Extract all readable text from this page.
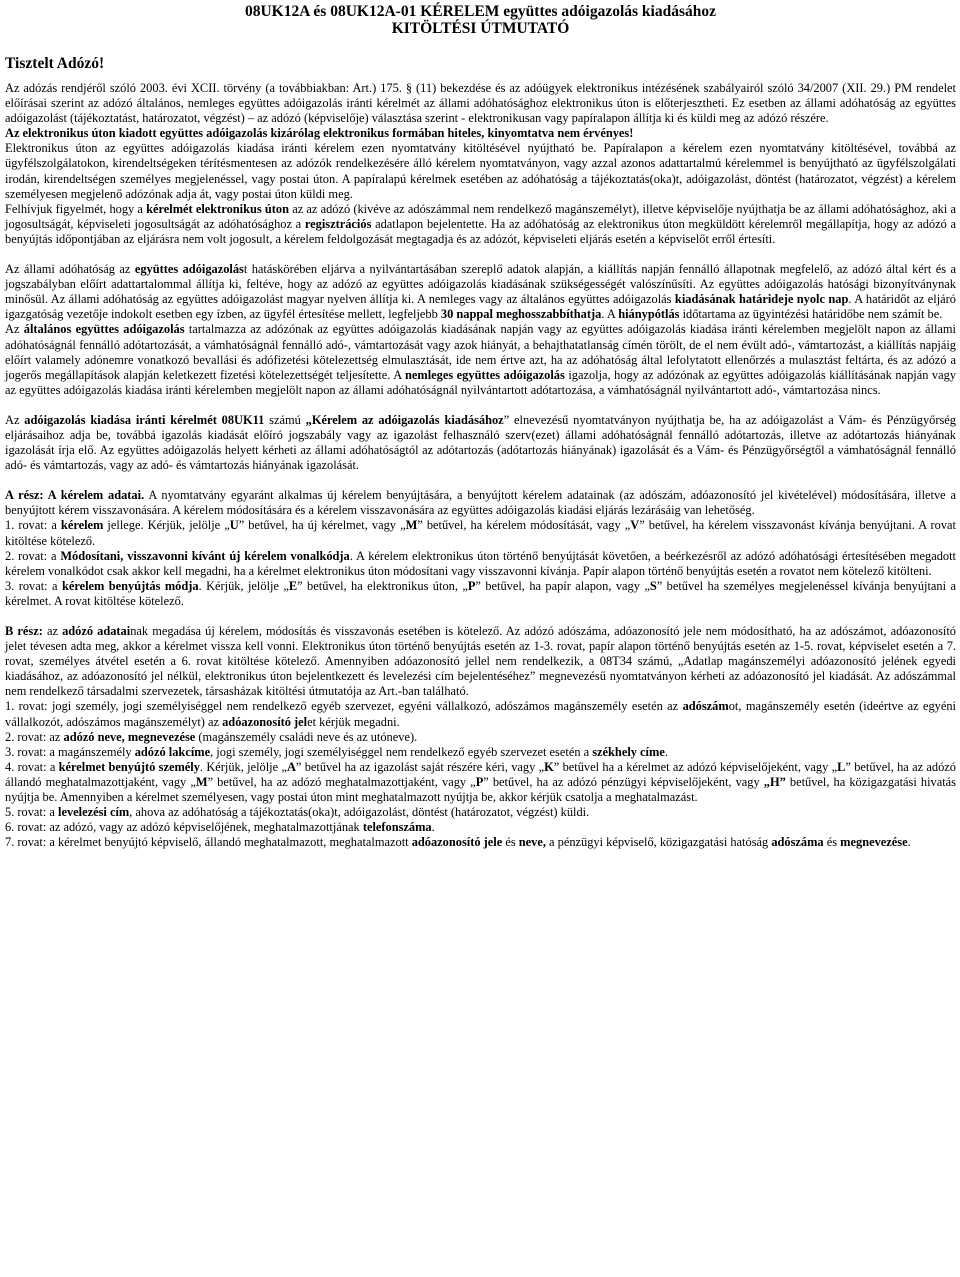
08UK12A és 08UK12A-01 KÉRELEM együttes adóigazolás kiadásához
KITÖLTÉSI ÚTMUTATÓ
Tisztelt Adózó!

Az adózás rendjéről szóló 2003. évi XCII. törvény (a továbbiakban: Art.) 175. § (11) bekezdése és az adóügyek elektronikus intézésének szabályairól szóló 34/2007 (XII. 29.) PM rendelet előírásai szerint az adózó általános, nemleges együttes adóigazolás iránti kérelmét az állami adóhatósághoz elektronikus úton is előterjesztheti. Ez esetben az állami adóhatóság az együttes adóigazolást (tájékoztatást, határozatot, végzést) – az adózó (képviselője) választása szerint - elektronikusan vagy papíralapon állítja ki és küldi meg az adózó részére.

Az elektronikus úton kiadott együttes adóigazolás kizárólag elektronikus formában hiteles, kinyomtatva nem érvényes!

Elektronikus úton az együttes adóigazolás kiadása iránti kérelem ezen nyomtatvány kitöltésével nyújtható be. Papíralapon a kérelem ezen nyomtatvány kitöltésével, továbbá az ügyfélszolgálatokon, kirendeltségeken térítésmentesen az adózók rendelkezésére álló kérelem nyomtatványon, vagy azzal azonos adattartalmú kérelemmel is benyújtható az ügyfélszolgálati irodán, kirendeltségen személyes megjelenéssel, vagy postai úton. A papíralapú kérelmek esetében az adóhatóság a tájékoztatás(oka)t, adóigazolást, döntést (határozatot, végzést) a kérelem személyesen megjelenő adózónak adja át, vagy postai úton küldi meg.

Felhívjuk figyelmét, hogy a kérelmét elektronikus úton az az adózó (kivéve az adószámmal nem rendelkező magánszemélyt), illetve képviselője nyújthatja be az állami adóhatósághoz, aki a jogosultságát, képviseleti jogosultságát az adóhatósághoz a regisztrációs adatlapon bejelentette. Ha az adóhatóság az elektronikus úton megküldött kérelemről megállapítja, hogy az adózó a benyújtás időpontjában az eljárásra nem volt jogosult, a kérelem feldolgozását megtagadja és az adózót, képviseleti eljárás esetén a képviselőt erről értesíti.

Az állami adóhatóság az együttes adóigazolást hatáskörében eljárva a nyilvántartásában szereplő adatok alapján, a kiállítás napján fennálló állapotnak megfelelő, az adózó által kért és a jogszabályban előírt adattartalommal állítja ki, feltéve, hogy az adózó az együttes adóigazolás kiadásának szükségességét valószínűsíti. Az együttes adóigazolás hatósági bizonyítványnak minősül. Az állami adóhatóság az együttes adóigazolást magyar nyelven állítja ki. A nemleges vagy az általános együttes adóigazolás kiadásának határideje nyolc nap. A határidőt az eljáró igazgatóság vezetője indokolt esetben egy ízben, az ügyfél értesítése mellett, legfeljebb 30 nappal meghosszabbíthatja. A hiánypótlás időtartama az ügyintézési határidőbe nem számít be.

Az általános együttes adóigazolás tartalmazza az adózónak az együttes adóigazolás kiadásának napján vagy az együttes adóigazolás kiadása iránti kérelemben megjelölt napon az állami adóhatóságnál fennálló adótartozását, a vámhatóságnál fennálló adó-, vámtartozását vagy azok hiányát, a behajthatatlanság címén törölt, de el nem évült adó-, vámtartozást, a kiállítás napjáig előírt valamely adónemre vonatkozó bevallási és adófizetési kötelezettség elmulasztását, ide nem értve azt, ha az adóhatóság által lefolytatott ellenőrzés a mulasztást feltárta, és az adózó a jogerős megállapítások alapján keletkezett fizetési kötelezettségét teljesítette. A nemleges együttes adóigazolás igazolja, hogy az adózónak az együttes adóigazolás kiállításának napján vagy az együttes adóigazolás kiadása iránti kérelemben megjelölt napon az állami adóhatóságnál nyilvántartott adótartozása, a vámhatóságnál nyilvántartott adó-, vámtartozása nincs.

Az adóigazolás kiadása iránti kérelmét 08UK11 számú „Kérelem az adóigazolás kiadásához” elnevezésű nyomtatványon nyújthatja be, ha az adóigazolást a Vám- és Pénzügyőrség eljárásaihoz adja be, továbbá igazolás kiadását előíró jogszabály vagy az igazolást felhasználó szerv(ezet) állami adóhatóságnál fennálló adótartozás, illetve az adótartozás hiányának igazolását írja elő. Az együttes adóigazolás helyett kérheti az állami adóhatóságtól az adótartozás (adótartozás hiányának) igazolását és a Vám- és Pénzügyőrségtől a vámhatóságnál fennálló adó- és vámtartozás, vagy az adó- és vámtartozás hiányának igazolását.

A rész: A kérelem adatai. A nyomtatvány egyaránt alkalmas új kérelem benyújtására, a benyújtott kérelem adatainak (az adószám, adóazonosító jel kivételével) módosítására, illetve a benyújtott kérem visszavonására. A kérelem módosítására és a kérelem visszavonására az együttes adóigazolás kiadási eljárás lezárásáig van lehetőség.

1. rovat: a kérelem jellege. Kérjük, jelölje „U” betűvel, ha új kérelmet, vagy „M” betűvel, ha kérelem módosítását, vagy „V” betűvel, ha kérelem visszavonást kívánja benyújtani. A rovat kitöltése kötelező.

2. rovat: a Módosítani, visszavonni kívánt új kérelem vonalkódja. A kérelem elektronikus úton történő benyújtását követően, a beérkezésről az adózó adóhatósági értesítésében megadott kérelem vonalkódot csak akkor kell megadni, ha a kérelmet elektronikus úton módosítani vagy visszavonni kívánja. Papír alapon történő benyújtás esetén a rovatot nem kötelező kitölteni.

3. rovat: a kérelem benyújtás módja. Kérjük, jelölje „E” betűvel, ha elektronikus úton, „P” betűvel, ha papír alapon, vagy „S” betűvel ha személyes megjelenéssel kívánja benyújtani a kérelmet. A rovat kitöltése kötelező.

B rész: az adózó adatainak megadása új kérelem, módosítás és visszavonás esetében is kötelező. Az adózó adószáma, adóazonosító jele nem módosítható, ha az adószámot, adóazonosító jelet tévesen adta meg, akkor a kérelmet vissza kell vonni. Elektronikus úton történő benyújtás esetén az 1-3. rovat, papír alapon történő benyújtás esetén az 1-5. rovat, képviselet esetén a 7. rovat, személyes átvétel esetén a 6. rovat kitöltése kötelező. Amennyiben adóazonosító jellel nem rendelkezik, a 08T34 számú, „Adatlap magánszemélyi adóazonosító jelének egyedi kiadásához, az adóazonosító jel nélkül, elektronikus úton bejelentkezett és levelezési cím bejelentéséhez” megnevezésű nyomtatványon kérheti az adóazonosító jel kiadását. Az adószámmal nem rendelkező társadalmi szervezetek, társasházak kitöltési útmutatója az Art.-ban található.

1. rovat: jogi személy, jogi személyiséggel nem rendelkező egyéb szervezet, egyéni vállalkozó, adószámos magánszemély esetén az adószámot, magánszemély esetén (ideértve az egyéni vállalkozót, adószámos magánszemélyt) az adóazonosító jelet kérjük megadni.

2. rovat: az adózó neve, megnevezése (magánszemély családi neve és az utóneve).

3. rovat: a magánszemély adózó lakcíme, jogi személy, jogi személyiséggel nem rendelkező egyéb szervezet esetén a székhely címe.

4. rovat: a kérelmet benyújtó személy. Kérjük, jelölje „A” betűvel ha az igazolást saját részére kéri, vagy „K” betűvel ha a kérelmet az adózó képviselőjeként, vagy „L” betűvel, ha az adózó állandó meghatalmazottjaként, vagy „M” betűvel, ha az adózó meghatalmazottjaként, vagy „P” betűvel, ha az adózó pénzügyi képviselőjeként, vagy „H” betűvel, ha közigazgatási hivatás nyújtja be. Amennyiben a kérelmet személyesen, vagy postai úton mint meghatalmazott nyújtja be, akkor kérjük csatolja a meghatalmazást.

5. rovat: a levelezési cím, ahova az adóhatóság a tájékoztatás(oka)t, adóigazolást, döntést (határozatot, végzést) küldi.

6. rovat: az adózó, vagy az adózó képviselőjének, meghatalmazottjának telefonszáma.

7. rovat: a kérelmet benyújtó képviselő, állandó meghatalmazott, meghatalmazott adóazonosító jele és neve, a pénzügyi képviselő, közigazgatási hatóság adószáma és megnevezése.
